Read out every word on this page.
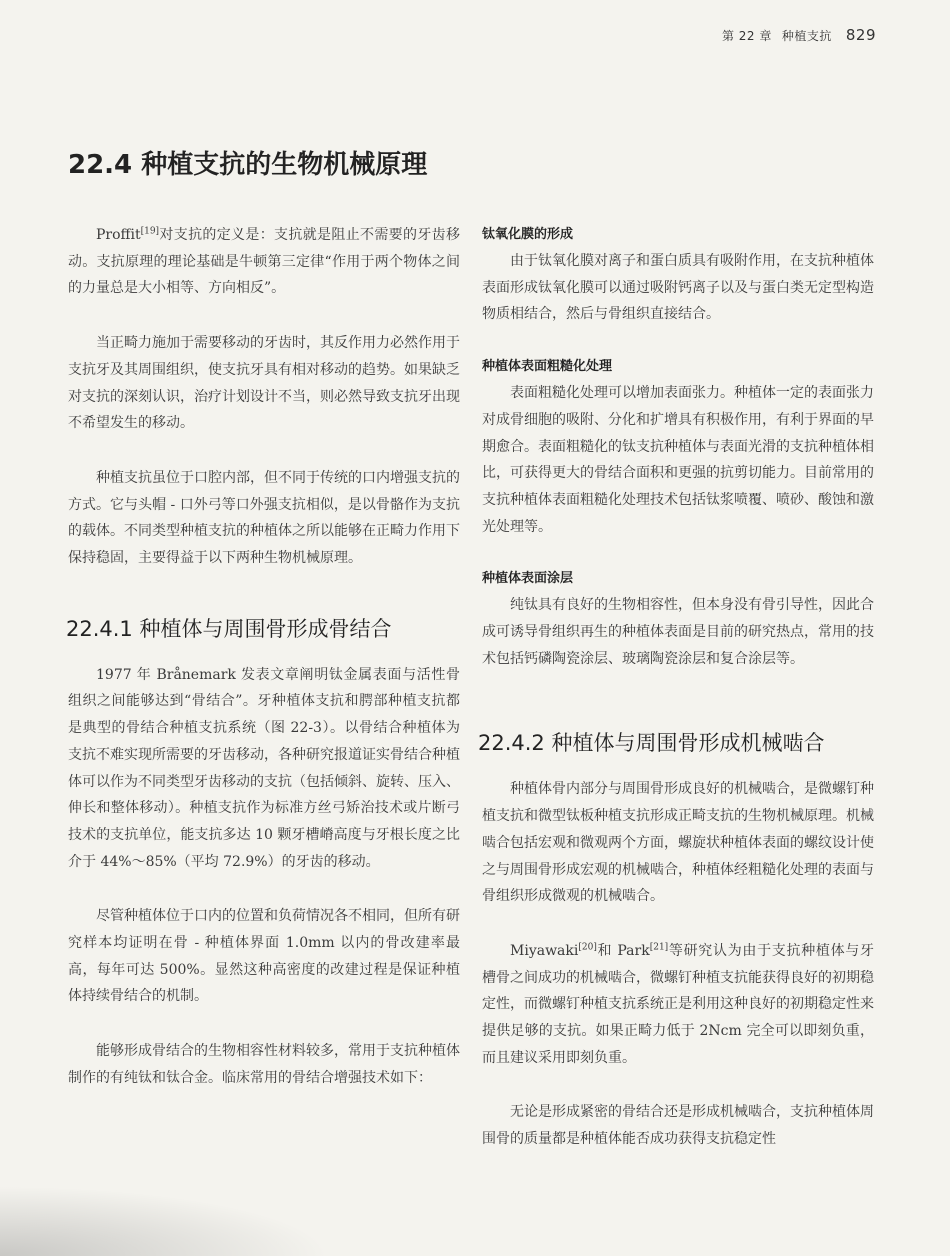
第 22 章 种植支抗 829
22.4 种植支抗的生物机械原理

Proffit[19]对支抗的定义是：支抗就是阻止不需要的牙齿移动。支抗原理的理论基础是牛顿第三定律“作用于两个物体之间的力量总是大小相等、方向相反”。

当正畸力施加于需要移动的牙齿时，其反作用力必然作用于支抗牙及其周围组织，使支抗牙具有相对移动的趋势。如果缺乏对支抗的深刻认识，治疗计划设计不当，则必然导致支抗牙出现不希望发生的移动。

种植支抗虽位于口腔内部，但不同于传统的口内增强支抗的方式。它与头帽 - 口外弓等口外强支抗相似，是以骨骼作为支抗的载体。不同类型种植支抗的种植体之所以能够在正畸力作用下保持稳固，主要得益于以下两种生物机械原理。

22.4.1 种植体与周围骨形成骨结合

1977 年 Brånemark 发表文章阐明钛金属表面与活性骨组织之间能够达到“骨结合”。牙种植体支抗和腭部种植支抗都是典型的骨结合种植支抗系统（图 22-3）。以骨结合种植体为支抗不难实现所需要的牙齿移动，各种研究报道证实骨结合种植体可以作为不同类型牙齿移动的支抗（包括倾斜、旋转、压入、伸长和整体移动）。种植支抗作为标准方丝弓矫治技术或片断弓技术的支抗单位，能支抗多达 10 颗牙槽嵴高度与牙根长度之比介于 44%～85%（平均 72.9%）的牙齿的移动。

尽管种植体位于口内的位置和负荷情况各不相同，但所有研究样本均证明在骨 - 种植体界面 1.0mm 以内的骨改建率最高，每年可达 500%。显然这种高密度的改建过程是保证种植体持续骨结合的机制。

能够形成骨结合的生物相容性材料较多，常用于支抗种植体制作的有纯钛和钛合金。临床常用的骨结合增强技术如下：

钛氧化膜的形成

由于钛氧化膜对离子和蛋白质具有吸附作用，在支抗种植体表面形成钛氧化膜可以通过吸附钙离子以及与蛋白类无定型构造物质相结合，然后与骨组织直接结合。

种植体表面粗糙化处理

表面粗糙化处理可以增加表面张力。种植体一定的表面张力对成骨细胞的吸附、分化和扩增具有积极作用，有利于界面的早期愈合。表面粗糙化的钛支抗种植体与表面光滑的支抗种植体相比，可获得更大的骨结合面积和更强的抗剪切能力。目前常用的支抗种植体表面粗糙化处理技术包括钛浆喷覆、喷砂、酸蚀和激光处理等。

种植体表面涂层

纯钛具有良好的生物相容性，但本身没有骨引导性，因此合成可诱导骨组织再生的种植体表面是目前的研究热点，常用的技术包括钙磷陶瓷涂层、玻璃陶瓷涂层和复合涂层等。

22.4.2 种植体与周围骨形成机械啮合

种植体骨内部分与周围骨形成良好的机械啮合，是微螺钉种植支抗和微型钛板种植支抗形成正畸支抗的生物机械原理。机械啮合包括宏观和微观两个方面，螺旋状种植体表面的螺纹设计使之与周围骨形成宏观的机械啮合，种植体经粗糙化处理的表面与骨组织形成微观的机械啮合。

Miyawaki[20]和 Park[21]等研究认为由于支抗种植体与牙槽骨之间成功的机械啮合，微螺钉种植支抗能获得良好的初期稳定性，而微螺钉种植支抗系统正是利用这种良好的初期稳定性来提供足够的支抗。如果正畸力低于 2Ncm 完全可以即刻负重，而且建议采用即刻负重。

无论是形成紧密的骨结合还是形成机械啮合，支抗种植体周围骨的质量都是种植体能否成功获得支抗稳定性
